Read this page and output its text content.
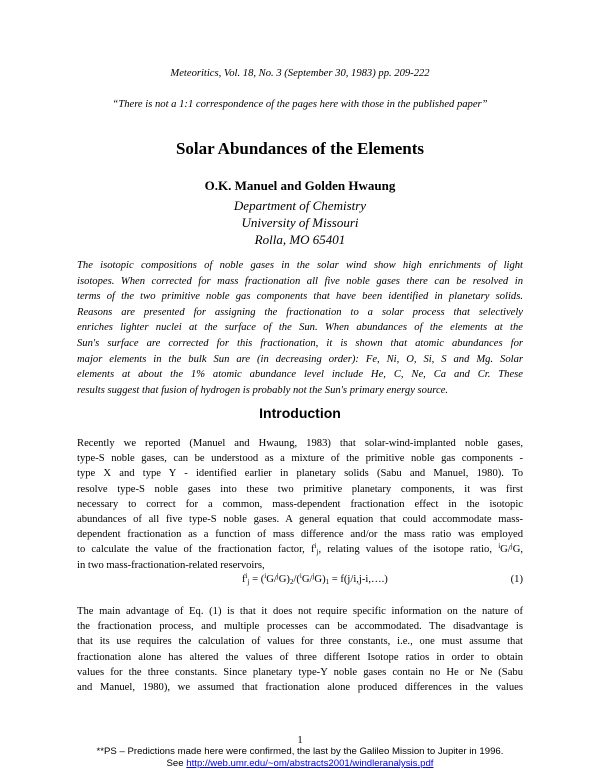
Meteoritics, Vol. 18, No. 3 (September 30, 1983) pp. 209-222
“There is not a 1:1 correspondence of the pages here with those in the published paper”
Solar Abundances of the Elements
O.K. Manuel and Golden Hwaung
Department of Chemistry
University of Missouri
Rolla, MO 65401
The isotopic compositions of noble gases in the solar wind show high enrichments of light
isotopes. When corrected for mass fractionation all five noble gases there can be resolved in
terms of the two primitive noble gas components that have been identified in planetary solids.
Reasons are presented for assigning the fractionation to a solar process that selectively
enriches lighter nuclei at the surface of the Sun. When abundances of the elements at the
Sun's surface are corrected for this fractionation, it is shown that atomic abundances for
major elements in the bulk Sun are (in decreasing order): Fe, Ni, O, Si, S and Mg. Solar
elements at about the 1% atomic abundance level include He, C, Ne, Ca and Cr. These
results suggest that fusion of hydrogen is probably not the Sun's primary energy source.
Introduction
Recently we reported (Manuel and Hwaung, 1983) that solar-wind-implanted noble gases,
type-S noble gases, can be understood as a mixture of the primitive noble gas components -
type X and type Y - identified earlier in planetary solids (Sabu and Manuel, 1980). To
resolve type-S noble gases into these two primitive planetary components, it was first
necessary to correct for a common, mass-dependent fractionation effect in the isotopic
abundances of all five type-S noble gases. A general equation that could accommodate mass-
dependent fractionation as a function of mass difference and/or the mass ratio was employed
to calculate the value of the fractionation factor, $f^i_j$, relating values of the isotope ratio, $^i$G/$^j$G,
in two mass-fractionation-related reservoirs,
$f^i_j = (^iG/^jG)_2/(^iG/^jG)_1$ = f(j/i,j-i,….)	(1)
The main advantage of Eq. (1) is that it does not require specific information on the nature of
the fractionation process, and multiple processes can be accommodated. The disadvantage is
that its use requires the calculation of values for three constants, i.e., one must assume that
fractionation alone has altered the values of three different Isotope ratios in order to obtain
values for the three constants. Since planetary type-Y noble gases contain no He or Ne (Sabu
and Manuel, 1980), we assumed that fractionation alone produced differences in the values
1
**PS – Predictions made here were confirmed, the last by the Galileo Mission to Jupiter in 1996.
See http://web.umr.edu/~om/abstracts2001/windleranalysis.pdf
